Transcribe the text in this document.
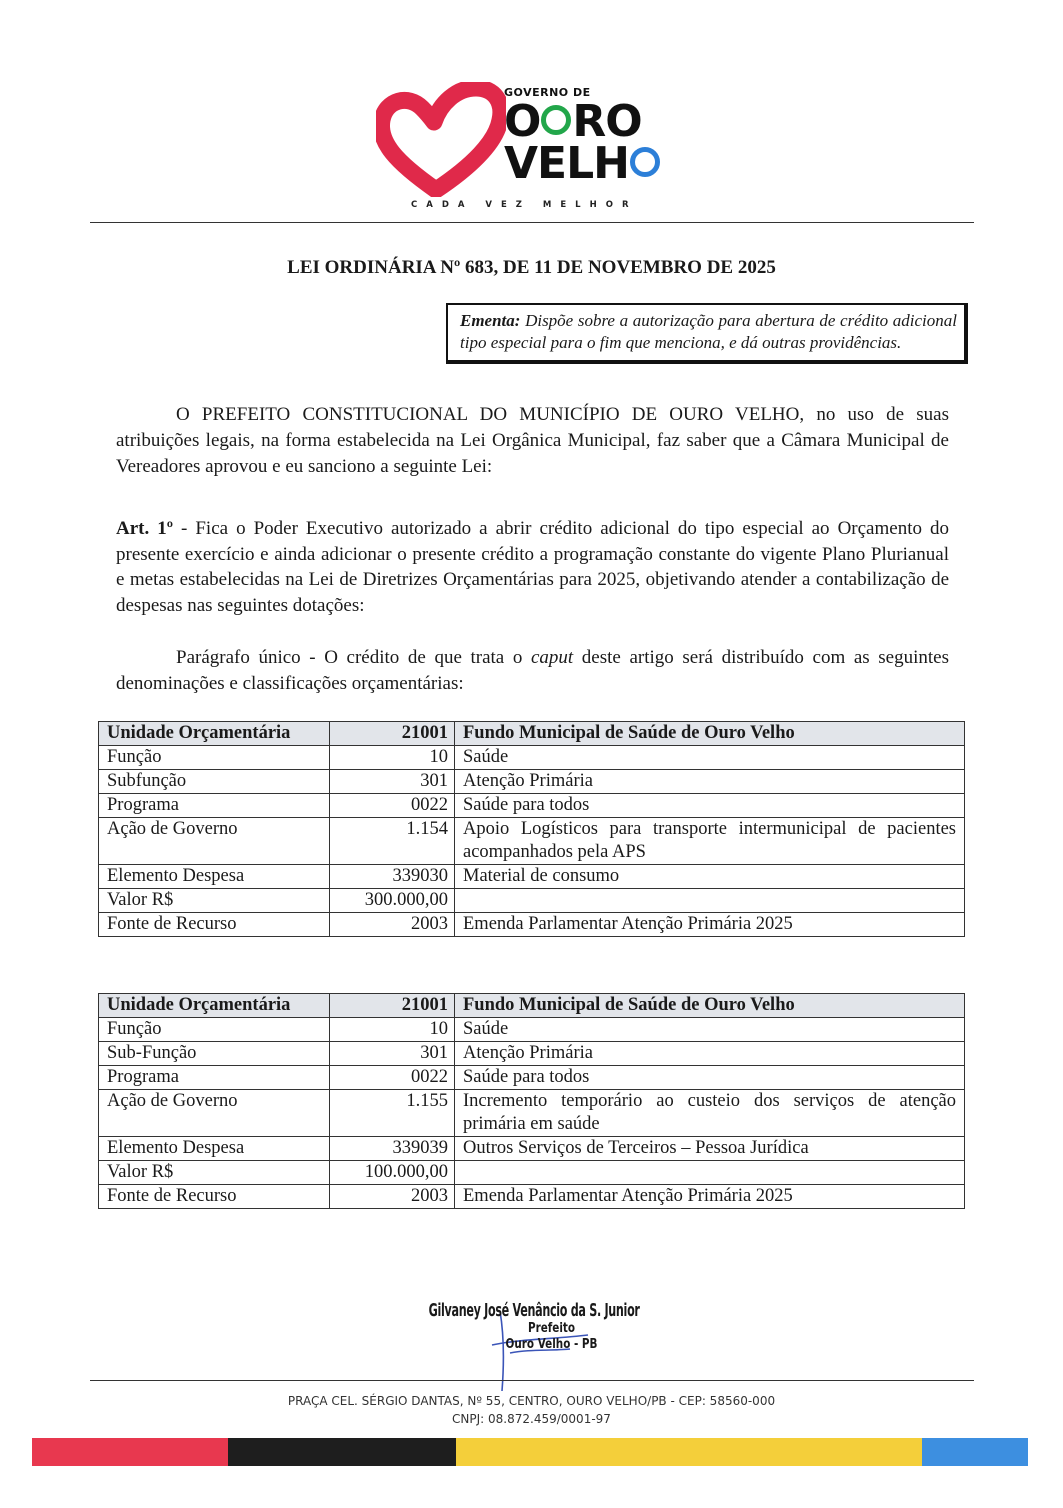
GOVERNO DE
O RO
VELH
CADA VEZ MELHOR
LEI ORDINÁRIA Nº 683, DE 11 DE NOVEMBRO DE 2025
Ementa: Dispõe sobre a autorização para abertura de crédito adicional tipo especial para o fim que menciona, e dá outras providências.
O PREFEITO CONSTITUCIONAL DO MUNICÍPIO DE OURO VELHO, no uso de suas atribuições legais, na forma estabelecida na Lei Orgânica Municipal, faz saber que a Câmara Municipal de Vereadores aprovou e eu sanciono a seguinte Lei:
Art. 1º - Fica o Poder Executivo autorizado a abrir crédito adicional do tipo especial ao Orçamento do presente exercício e ainda adicionar o presente crédito a programação constante do vigente Plano Plurianual e metas estabelecidas na Lei de Diretrizes Orçamentárias para 2025, objetivando atender a contabilização de despesas nas seguintes dotações:
Parágrafo único - O crédito de que trata o caput deste artigo será distribuído com as seguintes denominações e classificações orçamentárias:
Unidade Orçamentária	21001	Fundo Municipal de Saúde de Ouro Velho
Função	10	Saúde
Subfunção	301	Atenção Primária
Programa	0022	Saúde para todos
Ação de Governo	1.154	Apoio Logísticos para transporte intermunicipal de pacientes acompanhados pela APS
Elemento Despesa	339030	Material de consumo
Valor R$	300.000,00	
Fonte de Recurso	2003	Emenda Parlamentar Atenção Primária 2025
Unidade Orçamentária	21001	Fundo Municipal de Saúde de Ouro Velho
Função	10	Saúde
Sub-Função	301	Atenção Primária
Programa	0022	Saúde para todos
Ação de Governo	1.155	Incremento temporário ao custeio dos serviços de atenção primária em saúde
Elemento Despesa	339039	Outros Serviços de Terceiros – Pessoa Jurídica
Valor R$	100.000,00	
Fonte de Recurso	2003	Emenda Parlamentar Atenção Primária 2025
Gilvaney José Venâncio da S. Junior
Prefeito
Ouro Velho - PB
PRAÇA CEL. SÉRGIO DANTAS, Nº 55, CENTRO, OURO VELHO/PB - CEP: 58560-000
CNPJ: 08.872.459/0001-97
